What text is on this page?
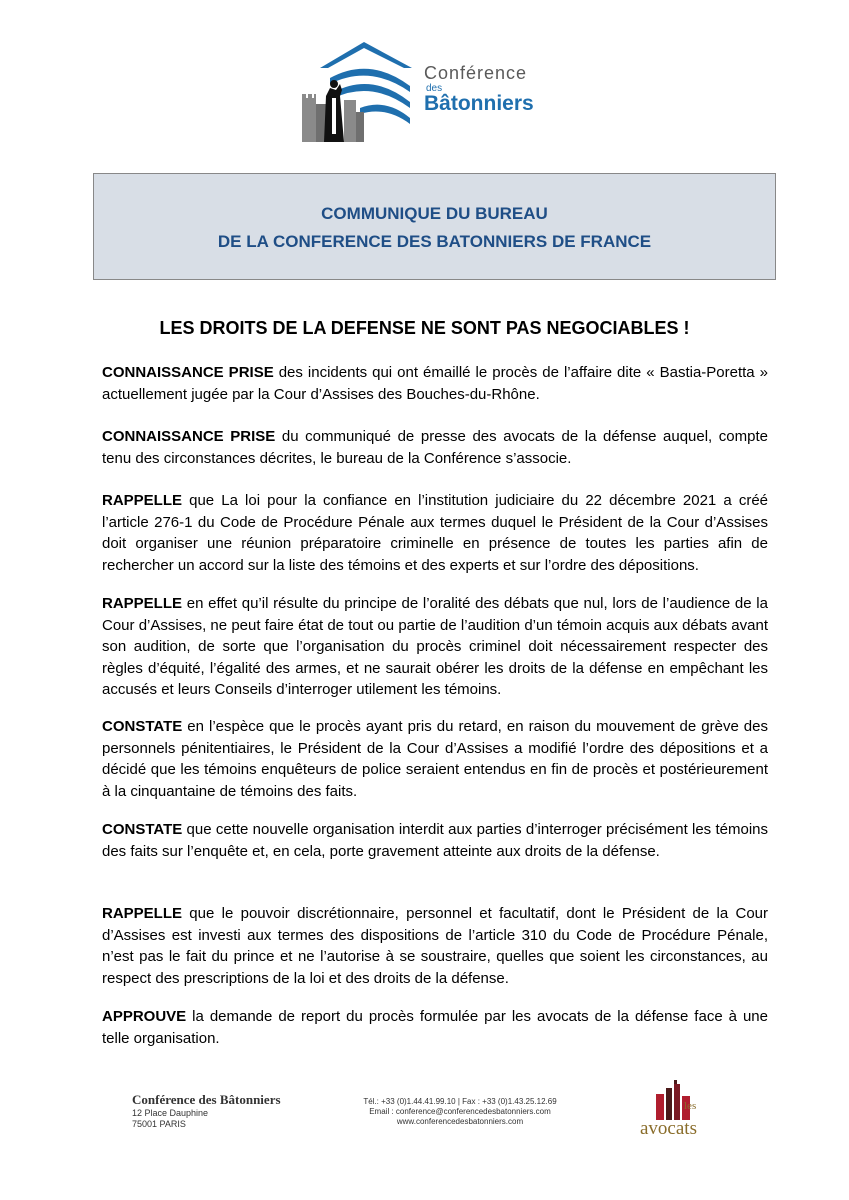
Conférence
des
Bâtonniers
COMMUNIQUE DU BUREAU
DE LA CONFERENCE DES BATONNIERS DE FRANCE
LES DROITS DE LA DEFENSE NE SONT PAS NEGOCIABLES !
CONNAISSANCE PRISE des incidents qui ont émaillé le procès de l’affaire dite « Bastia-Poretta » actuellement jugée par la Cour d’Assises des Bouches-du-Rhône.
CONNAISSANCE PRISE du communiqué de presse des avocats de la défense auquel, compte tenu des circonstances décrites, le bureau de la Conférence s’associe.
RAPPELLE que La loi pour la confiance en l’institution judiciaire du 22 décembre 2021 a créé l’article 276-1 du Code de Procédure Pénale aux termes duquel le Président de la Cour d’Assises doit organiser une réunion préparatoire criminelle en présence de toutes les parties afin de rechercher un accord sur la liste des témoins et des experts et sur l’ordre des dépositions.
RAPPELLE en effet qu’il résulte du principe de l’oralité des débats que nul, lors de l’audience de la Cour d’Assises, ne peut faire état de tout ou partie de l’audition d’un témoin acquis aux débats avant son audition, de sorte que l’organisation du procès criminel doit nécessairement respecter des règles d’équité, l’égalité des armes, et ne saurait obérer les droits de la défense en empêchant les accusés et leurs Conseils d’interroger utilement les témoins.
CONSTATE en l’espèce que le procès ayant pris du retard, en raison du mouvement de grève des personnels pénitentiaires, le Président de la Cour d’Assises a modifié l’ordre des dépositions et a décidé que les témoins enquêteurs de police seraient entendus en fin de procès et postérieurement à la cinquantaine de témoins des faits.
CONSTATE que cette nouvelle organisation interdit aux parties d’interroger précisément les témoins des faits sur l’enquête et, en cela, porte gravement atteinte aux droits de la défense.
RAPPELLE que le pouvoir discrétionnaire, personnel et facultatif, dont le Président de la Cour d’Assises est investi aux termes des dispositions de l’article 310 du Code de Procédure Pénale, n’est pas le fait du prince et ne l’autorise à se soustraire, quelles que soient les circonstances, au respect des prescriptions de la loi et des droits de la défense.
APPROUVE la demande de report du procès formulée par les avocats de la défense face à une telle organisation.
Conférence des Bâtonniers
12 Place Dauphine
75001 PARIS
Tél.: +33 (0)1.44.41.99.10 | Fax : +33 (0)1.43.25.12.69
Email : conference@conferencedesbatonniers.com
www.conferencedesbatonniers.com
les
avocats
